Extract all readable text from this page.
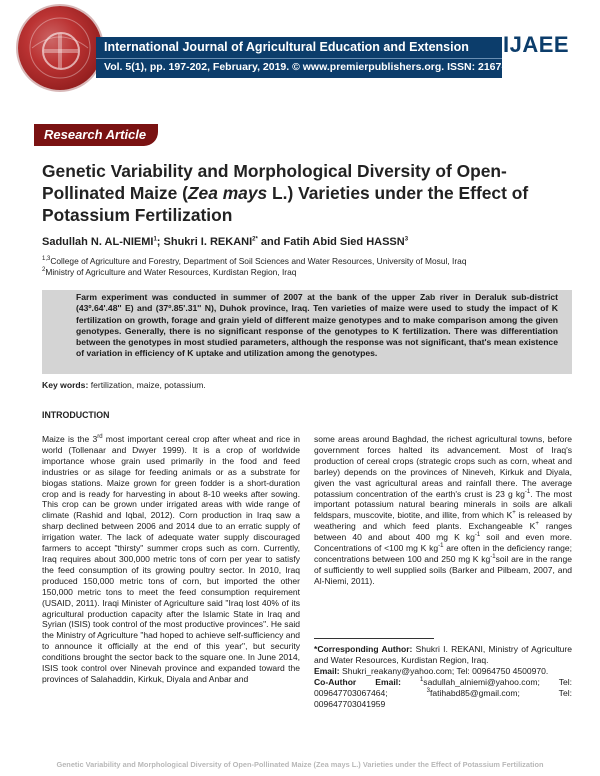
International Journal of Agricultural Education and Extension
Vol. 5(1), pp. 197-202, February, 2019. © www.premierpublishers.org. ISSN: 2167-0432
IJAEE
Research Article
Genetic Variability and Morphological Diversity of Open-Pollinated Maize (Zea mays L.) Varieties under the Effect of Potassium Fertilization
Sadullah N. AL-NIEMI$^1$; Shukri I. $REKANI^{2*}$ and Fatih Abid Sied HASSN$^3$
$^{1,3}$College of Agriculture and Forestry, Department of Soil Sciences and Water Resources, University of Mosul, Iraq
$^2$Ministry of Agriculture and Water Resources, Kurdistan Region, Iraq

Farm experiment was conducted in summer of 2007 at the bank of the upper Zab river in Deraluk sub-district (43º.64'.48'' E) and (37º.85'.31'' N), Duhok province, Iraq. Ten varieties of maize were used to study the impact of K fertilization on growth, forage and grain yield of different maize genotypes and to make comparison among the given genotypes. Generally, there is no significant response of the genotypes to K fertilization. There was differentiation between the genotypes in most studied parameters, although the response was not significant, that's mean existence of variation in efficiency of K uptake and utilization among the genotypes.

Key words: fertilization, maize, potassium.
INTRODUCTION

Maize is the 3rd most important cereal crop after wheat and rice in world (Tollenaar and Dwyer 1999). It is a crop of worldwide importance whose grain used primarily in the food and feed industries or as silage for feeding animals or as a substrate for biogas stations. Maize grown for green fodder is a short-duration crop and is ready for harvesting in about 8-10 weeks after sowing. This crop can be grown under irrigated areas with wide range of climate (Rashid and Iqbal, 2012). Corn production in Iraq saw a sharp declined between 2006 and 2014 due to an erratic supply of irrigation water. The lack of adequate water supply discouraged farmers to accept "thirsty" summer crops such as corn. Currently, Iraq requires about 300,000 metric tons of corn per year to satisfy the feed consumption of its growing poultry sector. In 2010, Iraq produced 150,000 metric tons of corn, but imported the other 150,000 metric tons to meet the feed consumption requirement (USAID, 2011). Iraqi Minister of Agriculture said "Iraq lost 40% of its agricultural production capacity after the Islamic State in Iraq and Syrian (ISIS) took control of the most productive provinces". He said the Ministry of Agriculture "had hoped to achieve self-sufficiency and to announce it officially at the end of this year", but security conditions brought the sector back to the square one. In June 2014, ISIS took control over Ninevah province and expanded toward the provinces of Salahaddin, Kirkuk, Diyala and Anbar and

some areas around Baghdad, the richest agricultural towns, before government forces halted its advancement. Most of Iraq's production of cereal crops (strategic crops such as corn, wheat and barley) depends on the provinces of Nineveh, Kirkuk and Diyala, given the vast agricultural areas and rainfall there. The average potassium concentration of the earth's crust is 23 g $kg^{-1}$. The most important potassium natural bearing minerals in soils are alkali feldspars, muscovite, biotite, and illite, from which K+ is released by weathering and which feed plants. Exchangeable K+ ranges between 40 and about 400 mg K $kg^{-1}$ soil and even more. Concentrations of <100 mg K $kg^{-1}$ are often in the deficiency range; concentrations between 100 and 250 mg K $kg^{-1}soil$ are in the range of sufficiently to well supplied soils (Barker and Pilbeam, 2007, and Al-Niemi, 2011).

*Corresponding Author: Shukri I. REKANI, Ministry of Agriculture and Water Resources, Kurdistan Region, Iraq.
Email: Shukri_reakany@yahoo.com; Tel: 00964750 4500970.
Co-Author Email:	$^1$sadullah_alniemi@yahoo.com; Tel: 009647703067464; $^3$fatihabd85@gmail.com; Tel: 009647703041959

Genetic Variability and Morphological Diversity of Open-Pollinated Maize (Zea mays L.) Varieties under the Effect of Potassium Fertilization
